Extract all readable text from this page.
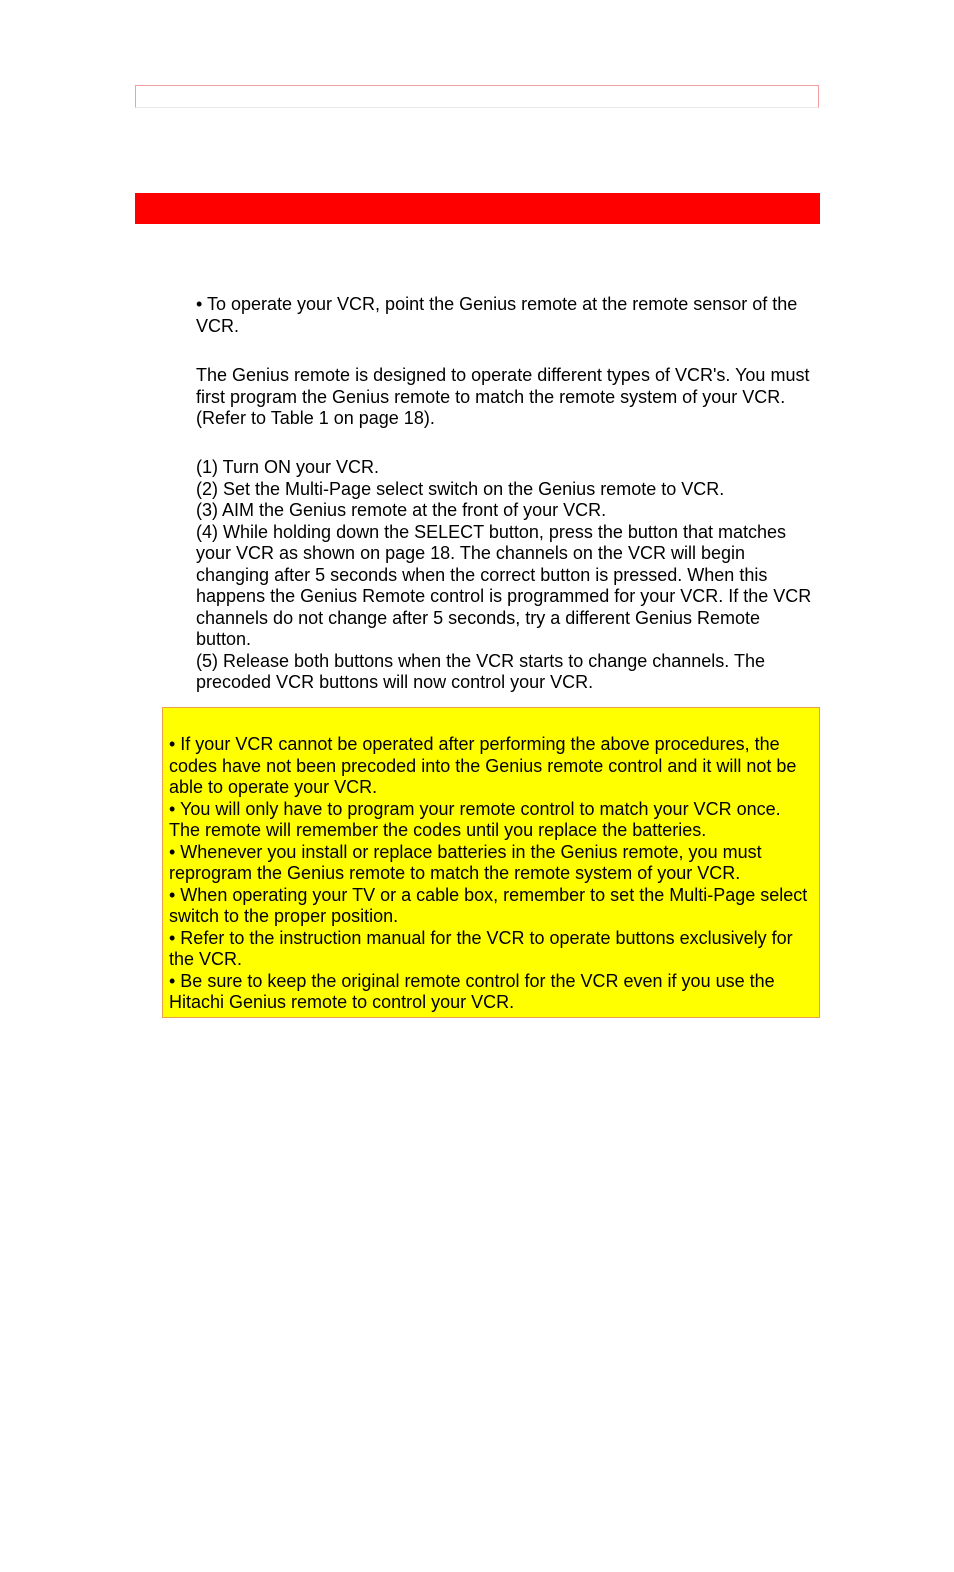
• To operate your VCR, point the Genius remote at the remote sensor of the VCR.

The Genius remote is designed to operate different types of VCR's. You must first program the Genius remote to match the remote system of your VCR. (Refer to Table 1 on page 18).

(1) Turn ON your VCR.

(2) Set the Multi-Page select switch on the Genius remote to VCR.

(3) AIM the Genius remote at the front of your VCR.

(4) While holding down the SELECT button, press the button that matches your VCR as shown on page 18. The channels on the VCR will begin changing after 5 seconds when the correct button is pressed. When this happens the Genius Remote control is programmed for your VCR. If the VCR channels do not change after 5 seconds, try a different Genius Remote button.

(5) Release both buttons when the VCR starts to change channels. The precoded VCR buttons will now control your VCR.

• If your VCR cannot be operated after performing the above procedures, the codes have not been precoded into the Genius remote control and it will not be able to operate your VCR.

• You will only have to program your remote control to match your VCR once. The remote will remember the codes until you replace the batteries.

• Whenever you install or replace batteries in the Genius remote, you must reprogram the Genius remote to match the remote system of your VCR.

• When operating your TV or a cable box, remember to set the Multi-Page select switch to the proper position.

• Refer to the instruction manual for the VCR to operate buttons exclusively for the VCR.

• Be sure to keep the original remote control for the VCR even if you use the Hitachi Genius remote to control your VCR.
